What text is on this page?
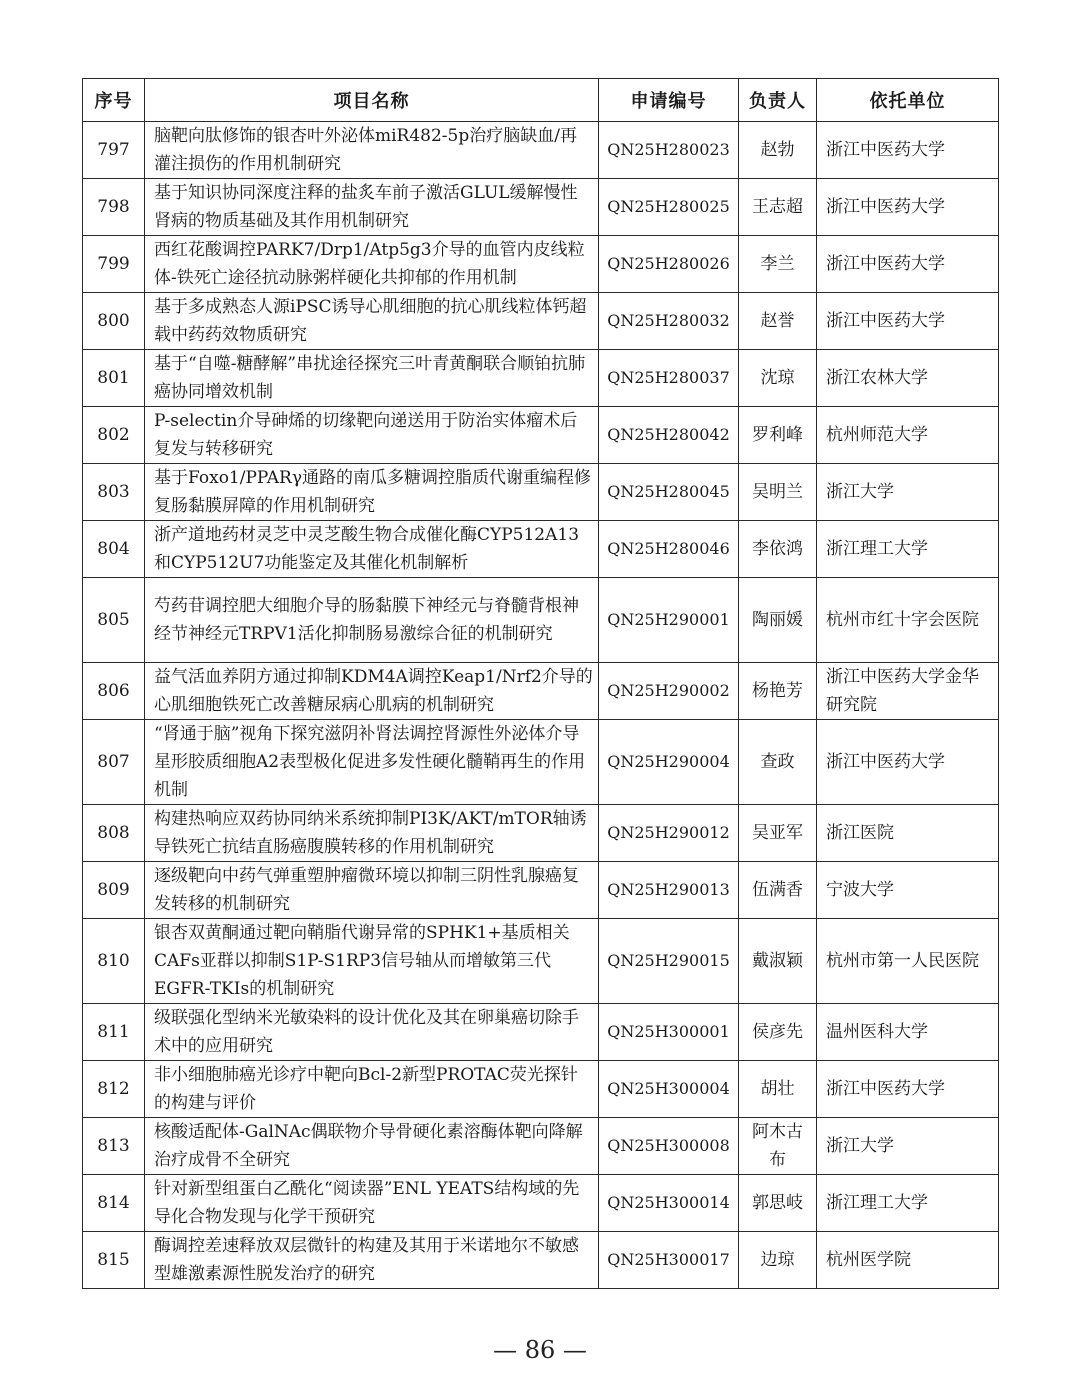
序号	项目名称	申请编号	负责人	依托单位
797	脑靶向肽修饰的银杏叶外泌体miR482-5p治疗脑缺血/再灌注损伤的作用机制研究	QN25H280023	赵勃	浙江中医药大学
798	基于知识协同深度注释的盐炙车前子激活GLUL缓解慢性肾病的物质基础及其作用机制研究	QN25H280025	王志超	浙江中医药大学
799	西红花酸调控PARK7/Drp1/Atp5g3介导的血管内皮线粒体-铁死亡途径抗动脉粥样硬化共抑郁的作用机制	QN25H280026	李兰	浙江中医药大学
800	基于多成熟态人源iPSC诱导心肌细胞的抗心肌线粒体钙超载中药药效物质研究	QN25H280032	赵誉	浙江中医药大学
801	基于“自噬-糖酵解”串扰途径探究三叶青黄酮联合顺铂抗肺癌协同增效机制	QN25H280037	沈琼	浙江农林大学
802	P-selectin介导砷烯的切缘靶向递送用于防治实体瘤术后复发与转移研究	QN25H280042	罗利峰	杭州师范大学
803	基于Foxo1/PPARγ通路的南瓜多糖调控脂质代谢重编程修复肠黏膜屏障的作用机制研究	QN25H280045	吴明兰	浙江大学
804	浙产道地药材灵芝中灵芝酸生物合成催化酶CYP512A13和CYP512U7功能鉴定及其催化机制解析	QN25H280046	李依鸿	浙江理工大学
805	芍药苷调控肥大细胞介导的肠黏膜下神经元与脊髓背根神经节神经元TRPV1活化抑制肠易激综合征的机制研究	QN25H290001	陶丽媛	杭州市红十字会医院
806	益气活血养阴方通过抑制KDM4A调控Keap1/Nrf2介导的心肌细胞铁死亡改善糖尿病心肌病的机制研究	QN25H290002	杨艳芳	浙江中医药大学金华研究院
807	“肾通于脑”视角下探究滋阴补肾法调控肾源性外泌体介导星形胶质细胞A2表型极化促进多发性硬化髓鞘再生的作用机制	QN25H290004	查政	浙江中医药大学
808	构建热响应双药协同纳米系统抑制PI3K/AKT/mTOR轴诱导铁死亡抗结直肠癌腹膜转移的作用机制研究	QN25H290012	吴亚军	浙江医院
809	逐级靶向中药气弹重塑肿瘤微环境以抑制三阴性乳腺癌复发转移的机制研究	QN25H290013	伍满香	宁波大学
810	银杏双黄酮通过靶向鞘脂代谢异常的SPHK1+基质相关CAFs亚群以抑制S1P-S1RP3信号轴从而增敏第三代EGFR-TKIs的机制研究	QN25H290015	戴淑颖	杭州市第一人民医院
811	级联强化型纳米光敏染料的设计优化及其在卵巢癌切除手术中的应用研究	QN25H300001	侯彦先	温州医科大学
812	非小细胞肺癌光诊疗中靶向Bcl-2新型PROTAC荧光探针的构建与评价	QN25H300004	胡壮	浙江中医药大学
813	核酸适配体-GalNAc偶联物介导骨硬化素溶酶体靶向降解治疗成骨不全研究	QN25H300008	阿木古布	浙江大学
814	针对新型组蛋白乙酰化“阅读器”ENL YEATS结构域的先导化合物发现与化学干预研究	QN25H300014	郭思岐	浙江理工大学
815	酶调控差速释放双层微针的构建及其用于米诺地尔不敏感型雄激素源性脱发治疗的研究	QN25H300017	边琼	杭州医学院
— 86 —
